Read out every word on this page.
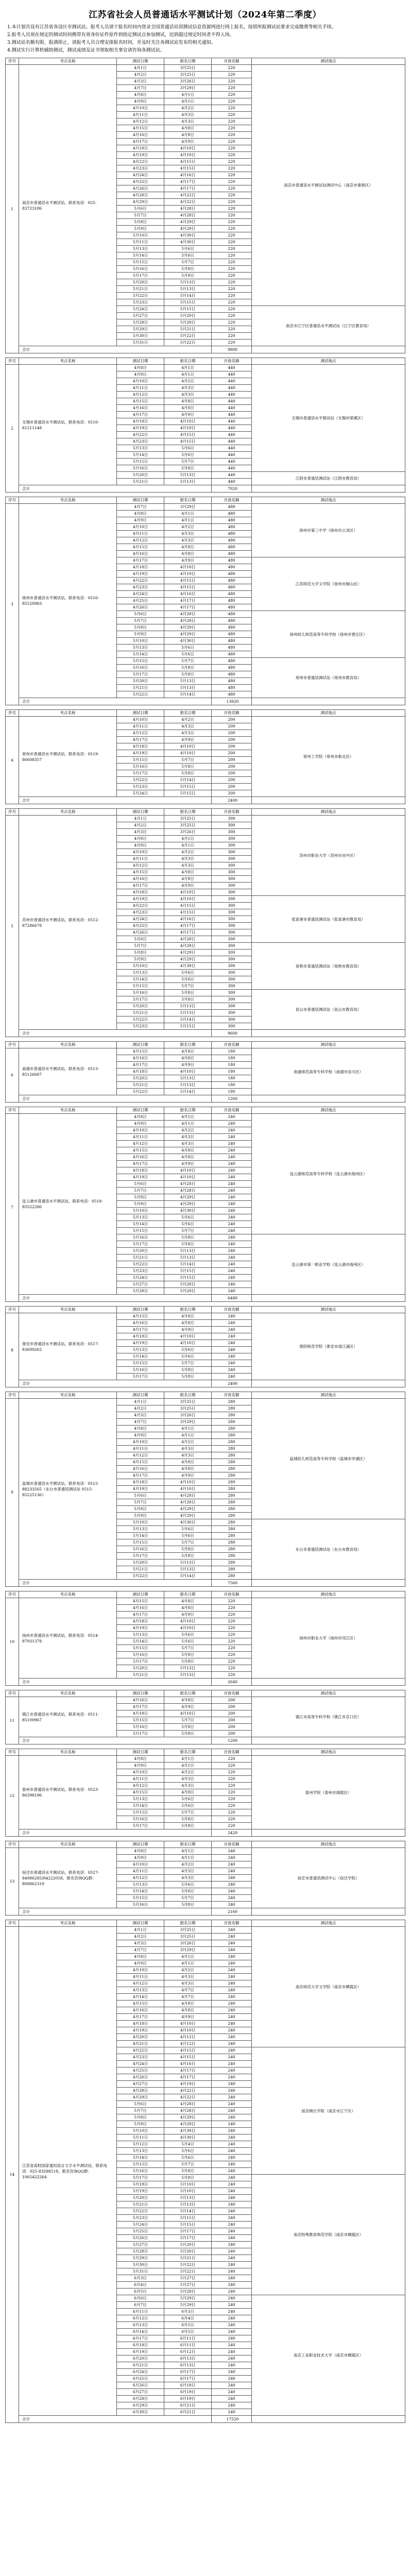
江苏省社会人员普通话水平测试计划（2024年第二季度）
1.本计划共设有江苏省各设区市测试站。报考人员请于报名时间内登录全国普通话培训测试信息资源网进行网上报名，按照所报测试站要求完成缴费等相关手续。
2.报考人员须在规定的测试时间携带有效身份证件原件到指定测试点参加测试，迟到超过规定时间者不得入场。
3.测试站名额有限，报满即止，请报考人员合理安排报名时间，并及时关注各测试站发布的相关通知。
4.测试实行计算机辅助测试，测试成绩及证书领取相关事宜请咨询各测试站。
序号	考点名称	测试日期	报名日期	开放名额	测试地点
1	南京市普通话水平测试站，联系电话：025-83723186	4月1日	3月25日	220	南京市普通话水平测试站测试中心（南京市秦淮区）
		4月2日	3月25日	220	
		4月3日	3月26日	220	
		4月7日	3月29日	220	
		4月8日	4月1日	220	
		4月9日	4月1日	220	
		4月10日	4月2日	220	
		4月11日	4月3日	220	
		4月12日	4月3日	220	
		4月15日	4月8日	220	
		4月16日	4月8日	220	
		4月17日	4月9日	220	
		4月18日	4月10日	220	
		4月19日	4月10日	220	
		4月22日	4月15日	220	
		4月23日	4月15日	220	
		4月24日	4月16日	220	
		4月25日	4月17日	220	
		4月26日	4月17日	220	
		4月28日	4月22日	220	
		4月29日	4月22日	220	
		5月6日	4月28日	220	
		5月7日	4月28日	220	
		5月8日	4月29日	220	
		5月9日	4月29日	220	
		5月10日	4月30日	220	
		5月11日	4月30日	220	
		5月13日	5月6日	220	
		5月14日	5月6日	220	
		5月15日	5月7日	220	
		5月16日	5月8日	220	
		5月17日	5月8日	220	
		5月20日	5月13日	220	
		5月21日	5月13日	220	
		5月22日	5月14日	220	
		5月23日	5月15日	220	
		5月24日	5月15日	220	南京市江宁区普通话水平测试站（江宁区教育局）
		5月27日	5月20日	220	
		5月28日	5月20日	220	
		5月29日	5月21日	220	
		5月30日	5月22日	220	
		5月31日	5月22日	220	
	合计			9800	
序号	考点名称	测试日期	报名日期	开放名额	测试地点
2	无锡市普通话水平测试站，联系电话：0510-81211148	4月8日	4月1日	440	无锡市普通话水平测试站（无锡市梁溪区）
		4月9日	4月1日	440	
		4月10日	4月2日	440	
		4月11日	4月3日	440	
		4月12日	4月3日	440	
		4月15日	4月8日	440	
		4月16日	4月8日	440	
		4月17日	4月9日	440	
		4月18日	4月10日	440	
		4月19日	4月10日	440	
		4月22日	4月15日	440	
		4月23日	4月15日	440	
		5月13日	5月6日	440	
		5月14日	5月6日	440	
		5月15日	5月7日	440	
		5月16日	5月8日	440	
		5月20日	5月13日	440	江阴市普通话测试站（江阴市教育局）
		5月21日	5月13日	440	
	合计			7920	
序号	考点名称	测试日期	报名日期	开放名额	测试地点
3	徐州市普通话水平测试站，联系电话：0516-85520983	4月7日	3月29日	480	徐州市第三中学（徐州市云龙区）
		4月8日	4月1日	480	
		4月9日	4月1日	480	
		4月10日	4月2日	480	
		4月11日	4月3日	480	
		4月12日	4月3日	480	
		4月15日	4月8日	480	
		4月16日	4月8日	480	
		4月17日	4月9日	480	江苏师范大学文学院（徐州市铜山区）
		4月18日	4月10日	480	
		4月19日	4月10日	480	
		4月22日	4月15日	480	
		4月23日	4月15日	480	
		4月24日	4月16日	480	
		4月25日	4月17日	480	
		4月26日	4月17日	480	
		5月6日	4月28日	480	徐州幼儿师范高等专科学校（徐州市贾汪区）
		5月7日	4月28日	480	
		5月8日	4月29日	480	
		5月9日	4月29日	480	
		5月10日	4月30日	480	
		5月13日	5月6日	480	
		5月14日	5月6日	480	
		5月15日	5月7日	480	邳州市普通话测试站（邳州市教育局）
		5月16日	5月8日	480	
		5月17日	5月8日	480	
		5月20日	5月13日	480	
		5月21日	5月13日	480	
		5月22日	5月14日	480	
	合计			13920	
序号	考点名称	测试日期	报名日期	开放名额	测试地点
4	常州市普通话水平测试站，联系电话：0519-86608357	4月10日	4月2日	200	常州工学院（常州市新北区）
		4月11日	4月3日	200	
		4月12日	4月3日	200	
		4月17日	4月9日	200	
		4月18日	4月10日	200	
		4月19日	4月10日	200	
		5月15日	5月7日	200	
		5月16日	5月8日	200	
		5月17日	5月8日	200	
		5月22日	5月14日	200	
		5月23日	5月15日	200	
		5月24日	5月15日	200	
	合计			2400	
序号	考点名称	测试日期	报名日期	开放名额	测试地点
5	苏州市普通话水平测试站，联系电话：0512-87286678	4月1日	3月25日	300	苏州市职业大学（苏州市吴中区）
		4月2日	3月25日	300	
		4月3日	3月26日	300	
		4月8日	4月1日	300	
		4月9日	4月1日	300	
		4月10日	4月2日	300	
		4月11日	4月3日	300	
		4月12日	4月3日	300	
		4月15日	4月8日	300	
		4月16日	4月8日	300	
		4月17日	4月9日	300	
		4月18日	4月10日	300	
		4月19日	4月10日	300	张家港市普通话测试站（张家港市教育局）
		4月22日	4月15日	300	
		4月23日	4月15日	300	
		4月24日	4月16日	300	
		4月25日	4月17日	300	
		4月26日	4月17日	300	
		5月6日	4月28日	300	
		5月7日	4月28日	300	常熟市普通话测试站（常熟市教育局）
		5月8日	4月29日	300	
		5月9日	4月29日	300	
		5月10日	4月30日	300	
		5月13日	5月6日	300	
		5月14日	5月6日	300	
		5月15日	5月7日	300	
		5月16日	5月8日	300	昆山市普通话测试站（昆山市教育局）
		5月17日	5月8日	300	
		5月20日	5月13日	300	
		5月21日	5月13日	300	
		5月22日	5月14日	300	
		5月23日	5月15日	300	
	合计			9600	
序号	考点名称	测试日期	报名日期	开放名额	测试地点
6	南通市普通话水平测试站，联系电话：0513-85126687	4月15日	4月8日	180	南通师范高等专科学校（南通市崇川区）
		4月16日	4月8日	180	
		4月17日	4月9日	180	
		4月18日	4月10日	180	
		5月20日	5月13日	180	
		5月21日	5月13日	180	
		5月22日	5月14日	180	
	合计			1260	
序号	考点名称	测试日期	报名日期	开放名额	测试地点
7	连云港市普通话水平测试站，联系电话：0518-85522286	4月8日	4月1日	240	连云港师范高等专科学校（连云港市海州区）
		4月9日	4月1日	240	
		4月10日	4月2日	240	
		4月11日	4月3日	240	
		4月12日	4月3日	240	
		4月15日	4月8日	240	
		4月16日	4月8日	240	
		4月17日	4月9日	240	
		4月18日	4月10日	240	
		4月19日	4月10日	240	
		5月6日	4月28日	240	
		5月7日	4月28日	240	
		5月8日	4月29日	240	
		5月9日	4月29日	240	
		5月10日	4月30日	240	
		5月13日	5月6日	240	
		5月14日	5月6日	240	
		5月15日	5月7日	240	
		5月16日	5月8日	240	连云港市第一职业学校（连云港市海州区）
		5月17日	5月8日	240	
		5月20日	5月13日	240	
		5月21日	5月13日	240	
		5月22日	5月14日	240	
		5月23日	5月15日	240	
		5月24日	5月15日	240	
		5月27日	5月20日	240	
		5月28日	5月20日	240	
	合计			6480	
序号	考点名称	测试日期	报名日期	开放名额	测试地点
8	淮安市普通话水平测试站，联系电话：0517-83699262	4月15日	4月8日	240	淮阴师范学院（淮安市清江浦区）
		4月16日	4月8日	240	
		4月17日	4月9日	240	
		4月18日	4月10日	240	
		4月19日	4月10日	240	
		5月13日	5月6日	240	
		5月14日	5月6日	240	
		5月15日	5月7日	240	
		5月16日	5月8日	240	
		5月17日	5月8日	240	
	合计			2400	
序号	考点名称	测试日期	报名日期	开放名额	测试地点
9	盐城市普通话水平测试站，联系电话：0515-88233565（东台市普通话测试站 0515-85225136）	4月1日	3月25日	280	盐城幼儿师范高等专科学校（盐城市亭湖区）
		4月2日	3月25日	280	
		4月3日	3月26日	280	
		4月7日	3月29日	280	
		4月8日	4月1日	280	
		4月9日	4月1日	280	
		4月10日	4月2日	280	
		4月11日	4月3日	280	
		4月12日	4月3日	280	
		4月15日	4月8日	280	
		4月16日	4月8日	280	
		4月17日	4月9日	280	
		4月18日	4月10日	280	
		4月19日	4月10日	280	
		5月6日	4月28日	280	
		5月7日	4月28日	280	
		5月8日	4月29日	280	
		5月9日	4月29日	280	
		5月10日	4月30日	280	东台市普通话测试站（东台市教育局）
		5月13日	5月6日	280	
		5月14日	5月6日	280	
		5月15日	5月7日	280	
		5月16日	5月8日	280	
		5月17日	5月8日	280	
		5月20日	5月13日	280	
		5月21日	5月13日	280	
		5月22日	5月14日	280	
	合计			7560	
序号	考点名称	测试日期	报名日期	开放名额	测试地点
10	扬州市普通话水平测试站，联系电话：0514-87931378	4月15日	4月8日	220	扬州市职业大学（扬州市邗江区）
		4月16日	4月8日	220	
		4月17日	4月9日	220	
		4月18日	4月10日	220	
		4月19日	4月10日	220	
		5月13日	5月6日	220	
		5月14日	5月6日	220	
		5月15日	5月7日	220	
		5月16日	5月8日	220	
		5月17日	5月8日	220	
		5月20日	5月13日	220	
		5月21日	5月13日	220	
	合计			2640	
序号	考点名称	测试日期	报名日期	开放名额	测试地点
11	镇江市普通话水平测试站，联系电话：0511-85100967	4月16日	4月8日	200	镇江市高等专科学校（镇江市京口区）
		4月17日	4月9日	200	
		4月18日	4月10日	200	
		5月15日	5月7日	200	
		5月16日	5月8日	200	
		5月17日	5月8日	200	
	合计			1200	
序号	考点名称	测试日期	报名日期	开放名额	测试地点
12	泰州市普通话水平测试站，联系电话：0523-86398196	4月8日	4月1日	220	泰州学院（泰州市海陵区）
		4月9日	4月1日	220	
		4月10日	4月2日	220	
		4月11日	4月3日	220	
		4月12日	4月3日	220	
		4月15日	4月8日	220	
		5月13日	5月6日	220	
		5月14日	5月6日	220	
		5月15日	5月7日	220	
		5月16日	5月8日	220	
		5月17日	5月8日	220	
	合计			2420	
序号	考点名称	测试日期	报名日期	开放名额	测试地点
13	宿迁市普通话水平测试站，联系电话：0527-84986285/84222058，报名咨询QQ群：808862319	4月8日	4月1日	240	宿迁市普通话测试中心（宿迁学院）
		4月9日	4月1日	240	
		4月10日	4月2日	240	
		4月11日	4月3日	240	
		4月12日	4月3日	240	
		5月13日	5月6日	240	
		5月14日	5月6日	240	
		5月15日	5月7日	240	
		5月16日	5月8日	240	
	合计			2160	
序号	考点名称	测试日期	报名日期	开放名额	测试地点
14	江苏省高校国家通用语言文字水平测试站，联系电话：025-83598518，报名咨询QQ群：1065422264	4月1日	3月25日	240	南京师范大学文学院（南京市栖霞区）
		4月2日	3月25日	240	
		4月3日	3月26日	240	
		4月7日	3月29日	240	
		4月8日	4月1日	240	
		4月9日	4月1日	240	
		4月10日	4月2日	240	
		4月11日	4月3日	240	
		4月12日	4月3日	240	
		4月13日	4月7日	240	
		4月14日	4月7日	240	
		4月15日	4月8日	240	
		4月16日	4月8日	240	
		4月17日	4月9日	240	
		4月18日	4月10日	240	
		4月19日	4月10日	240	
		4月20日	4月12日	240	
		4月21日	4月12日	240	
		4月22日	4月15日	240	南京晓庄学院（南京市江宁区）
		4月23日	4月15日	240	
		4月24日	4月16日	240	
		4月25日	4月17日	240	
		4月26日	4月17日	240	
		4月27日	4月19日	240	
		4月28日	4月22日	240	
		4月29日	4月22日	240	
		5月6日	4月28日	240	
		5月7日	4月28日	240	
		5月8日	4月29日	240	
		5月9日	4月29日	240	
		5月10日	4月30日	240	
		5月11日	4月30日	240	
		5月12日	5月4日	240	
		5月13日	5月6日	240	
		5月14日	5月6日	240	
		5月15日	5月7日	240	
		5月16日	5月8日	240	
		5月17日	5月8日	240	南京特殊教育师范学院（南京市栖霞区）
		5月18日	5月10日	240	
		5月19日	5月10日	240	
		5月20日	5月13日	240	
		5月21日	5月13日	240	
		5月22日	5月14日	240	
		5月23日	5月15日	240	
		5月24日	5月15日	240	
		5月25日	5月17日	240	
		5月26日	5月17日	240	
		5月27日	5月20日	240	
		5月28日	5月20日	240	
		5月29日	5月21日	240	
		5月30日	5月22日	240	
		5月31日	5月22日	240	
		6月3日	5月27日	240	
		6月4日	5月27日	240	
		6月5日	5月28日	240	
		6月6日	5月29日	240	南京工业职业技术大学（南京市栖霞区）
		6月7日	5月29日	240	
		6月11日	6月3日	240	
		6月12日	6月4日	240	
		6月13日	6月5日	240	
		6月14日	6月5日	240	
		6月17日	6月11日	240	
		6月18日	6月11日	240	
		6月19日	6月12日	240	
		6月20日	6月13日	240	
		6月21日	6月13日	240	
		6月24日	6月17日	240	
		6月25日	6月17日	240	
		6月26日	6月18日	240	
		6月27日	6月19日	240	
		6月28日	6月19日	240	
		6月29日	6月21日	240	
		6月30日	6月21日	240	
	合计			17520	
